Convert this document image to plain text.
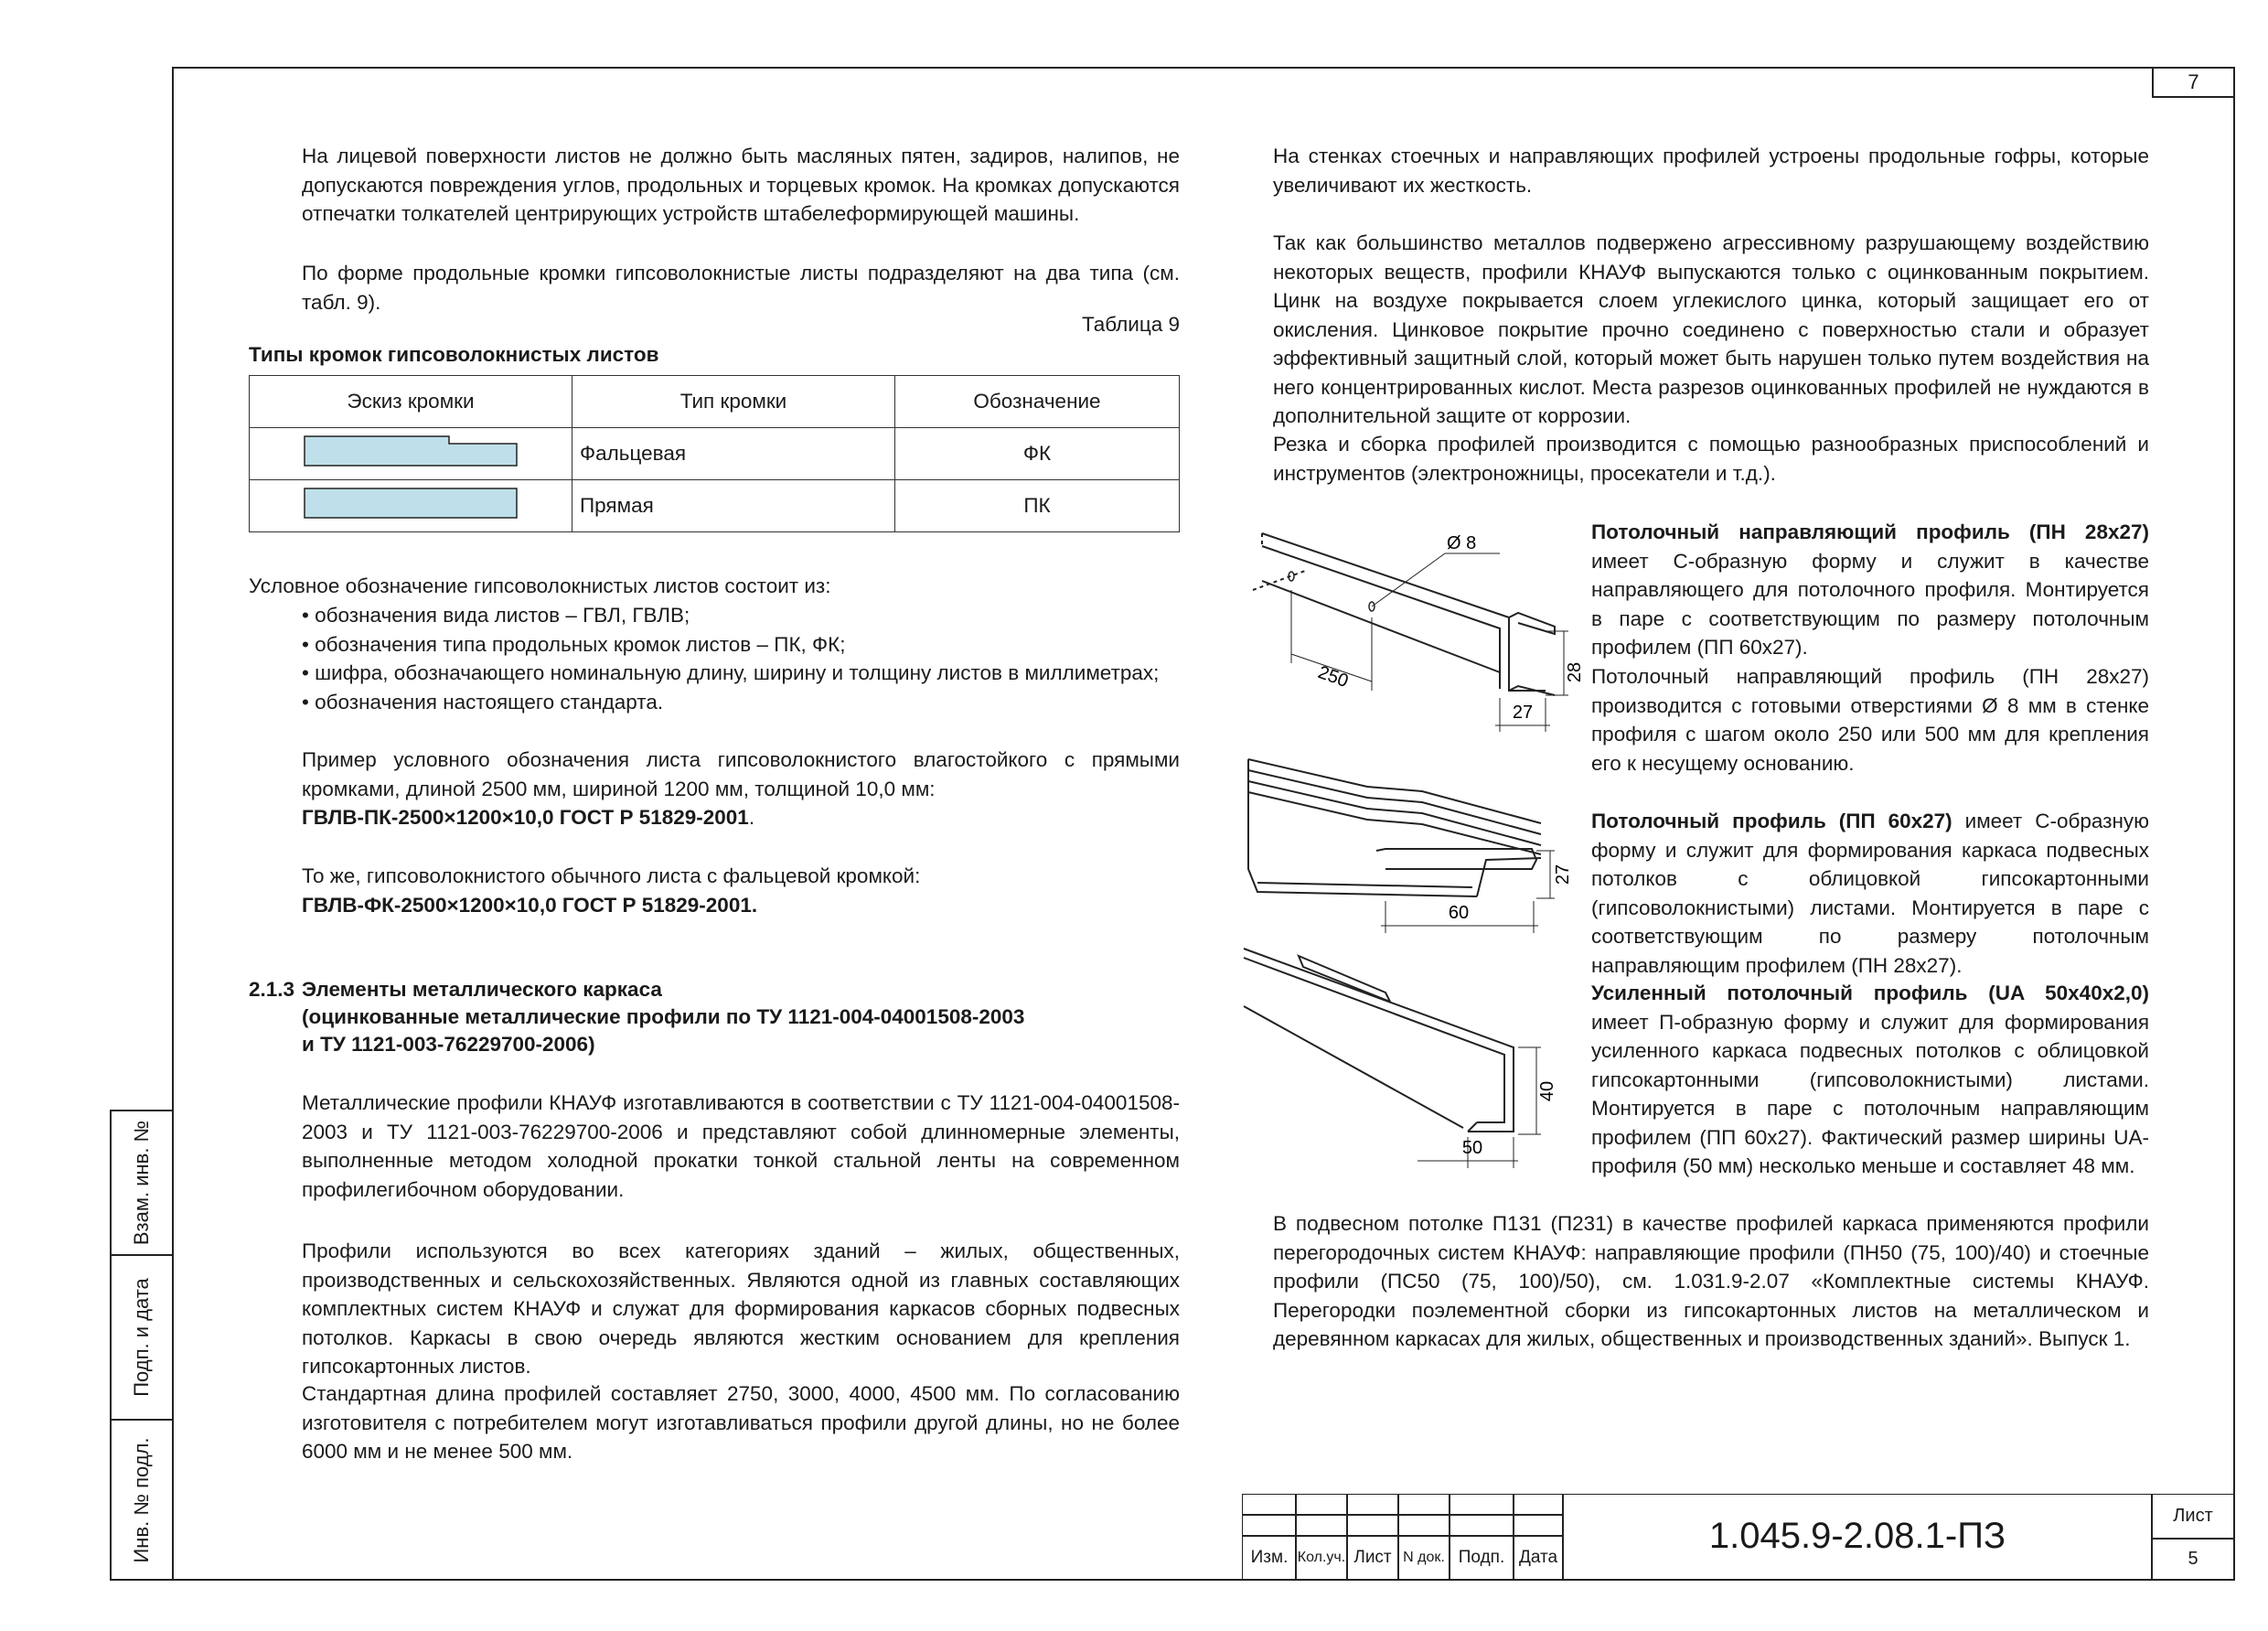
7
Взам. инв. №
Подп. и дата
Инв. № подл.

На лицевой поверхности листов не должно быть масляных пятен, задиров, налипов, не допускаются повреждения углов, продольных и торцевых кромок. На кромках допускаются отпечатки толкателей центрирующих устройств штабелеформирующей машины.

По форме продольные кромки гипсоволокнистые листы подразделяют на два типа (см. табл. 9).

Таблица 9
Типы кромок гипсоволокнистых листов
Эскиз кромки	Тип кромки	Обозначение
	Фальцевая	ФК
	Прямая	ПК

Условное обозначение гипсоволокнистых листов состоит из:

• обозначения вида листов – ГВЛ, ГВЛВ;
• обозначения типа продольных кромок листов – ПК, ФК;
• шифра, обозначающего номинальную длину, ширину и толщину листов в миллиметрах;
• обозначения настоящего стандарта.

Пример условного обозначения листа гипсоволокнистого влагостойкого с прямыми кромками, длиной 2500 мм, шириной 1200 мм, толщиной 10,0 мм:
ГВЛВ-ПК-2500×1200×10,0 ГОСТ Р 51829-2001.

То же, гипсоволокнистого обычного листа с фальцевой кромкой:
ГВЛВ-ФК-2500×1200×10,0 ГОСТ Р 51829-2001.

2.1.3 Элементы металлического каркаса
(оцинкованные металлические профили по ТУ 1121-004-04001508-2003
и ТУ 1121-003-76229700-2006)

Металлические профили КНАУФ изготавливаются в соответствии с ТУ 1121-004-04001508-2003 и ТУ 1121-003-76229700-2006 и представляют собой длинномерные элементы, выполненные методом холодной прокатки тонкой стальной ленты на современном профилегибочном оборудовании.

Профили используются во всех категориях зданий – жилых, общественных, производственных и сельскохозяйственных. Являются одной из главных составляющих комплектных систем КНАУФ и служат для формирования каркасов сборных подвесных потолков. Каркасы в свою очередь являются жестким основанием для крепления гипсокартонных листов.

Стандартная длина профилей составляет 2750, 3000, 4000, 4500 мм. По согласованию изготовителя с потребителем могут изготавливаться профили другой длины, но не более 6000 мм и не менее 500 мм.

На стенках стоечных и направляющих профилей устроены продольные гофры, которые увеличивают их жесткость.

Так как большинство металлов подвержено агрессивному разрушающему воздействию некоторых веществ, профили КНАУФ выпускаются только с оцинкованным покрытием. Цинк на воздухе покрывается слоем углекислого цинка, который защищает его от окисления. Цинковое покрытие прочно соединено с поверхностью стали и образует эффективный защитный слой, который может быть нарушен только путем воздействия на него концентрированных кислот. Места разрезов оцинкованных профилей не нуждаются в дополнительной защите от коррозии.

Резка и сборка профилей производится с помощью разнообразных приспособлений и инструментов (электроножницы, просекатели и т.д.).

Потолочный направляющий профиль (ПН 28x27) имеет С-образную форму и служит в качестве направляющего для потолочного профиля. Монтируется в паре с соответствующим по размеру потолочным профилем (ПП 60x27).

Потолочный направляющий профиль (ПН 28x27) производится с готовыми отверстиями Ø 8 мм в стенке профиля с шагом около 250 или 500 мм для крепления его к несущему основанию.

Потолочный профиль (ПП 60x27) имеет С-образную форму и служит для формирования каркаса подвесных потолков с облицовкой гипсокартонными (гипсоволокнистыми) листами. Монтируется в паре с соответствующим по размеру потолочным направляющим профилем (ПН 28x27).

Усиленный потолочный профиль (UA 50x40x2,0) имеет П-образную форму и служит для формирования усиленного каркаса подвесных потолков с облицовкой гипсокартонными (гипсоволокнистыми) листами. Монтируется в паре с потолочным направляющим профилем (ПП 60x27). Фактический размер ширины UA-профиля (50 мм) несколько меньше и составляет 48 мм.

В подвесном потолке П131 (П231) в качестве профилей каркаса применяются профили перегородочных систем КНАУФ: направляющие профили (ПН50 (75, 100)/40) и стоечные профили (ПС50 (75, 100)/50), см. 1.031.9-2.07 «Комплектные системы КНАУФ. Перегородки поэлементной сборки из гипсокартонных листов на металлическом и деревянном каркасах для жилых, общественных и производственных зданий». Выпуск 1.

Ø 8
250	28
27
27
60
40
50
Изм. Кол.уч. Лист N док. Подп. Дата
1.045.9-2.08.1-ПЗ	Лист
5
